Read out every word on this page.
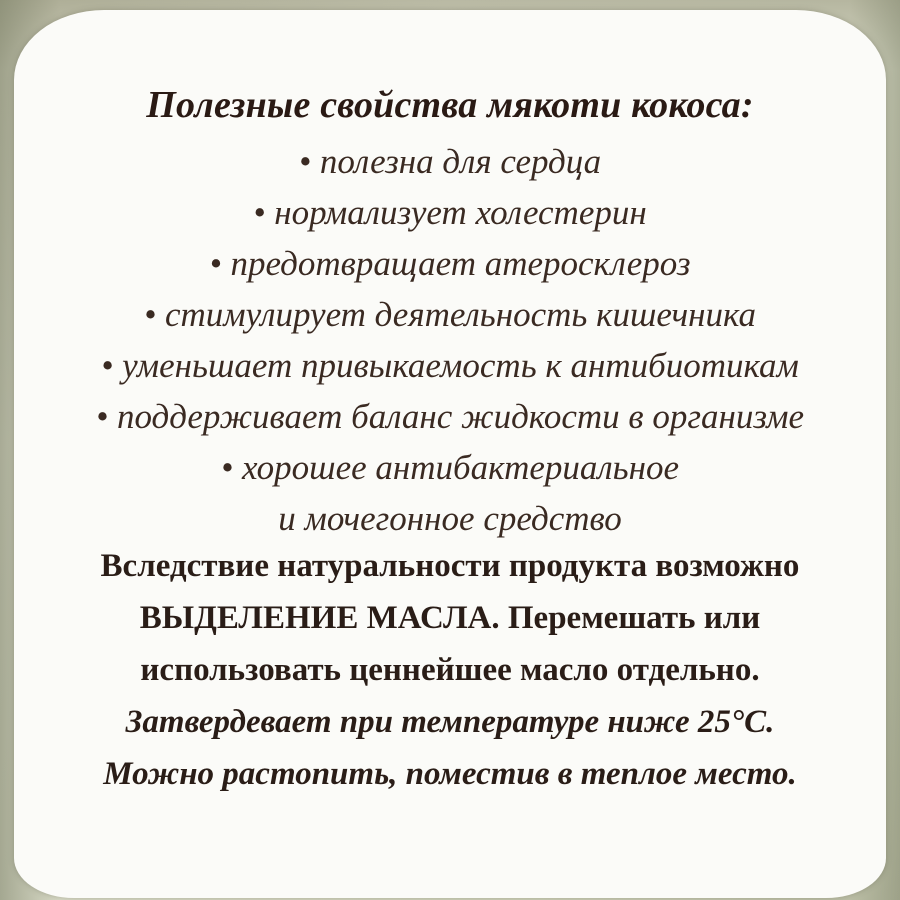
Полезные свойства мякоти кокоса:
• полезна для сердца
• нормализует холестерин
• предотвращает атеросклероз
• стимулирует деятельность кишечника
• уменьшает привыкаемость к антибиотикам
• поддерживает баланс жидкости в организме
• хорошее антибактериальное
и мочегонное средство
Вследствие натуральности продукта возможно
ВЫДЕЛЕНИЕ МАСЛА. Перемешать или
использовать ценнейшее масло отдельно.
Затвердевает при температуре ниже 25°С.
Можно растопить, поместив в теплое место.
